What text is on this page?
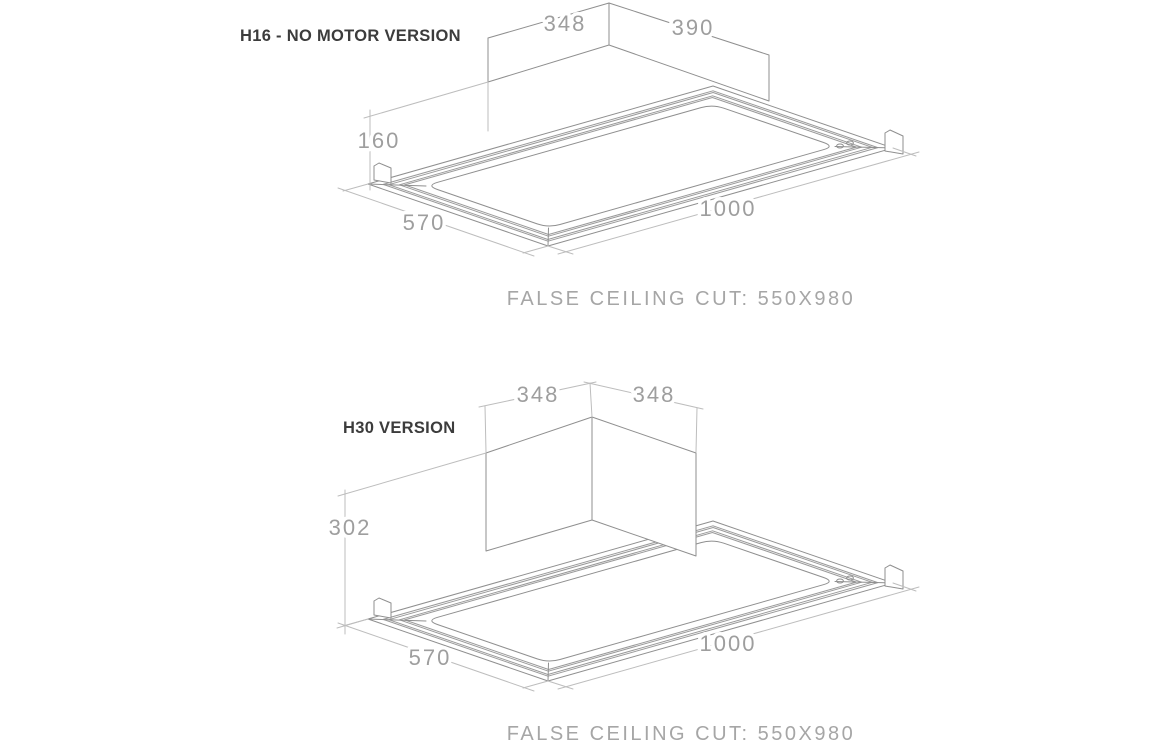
H16 - NO MOTOR VERSION	348	390
160
570
1000
FALSE CEILING CUT: 550X980
H30 VERSION
348	348
302
570
1000
FALSE CEILING CUT: 550X980
